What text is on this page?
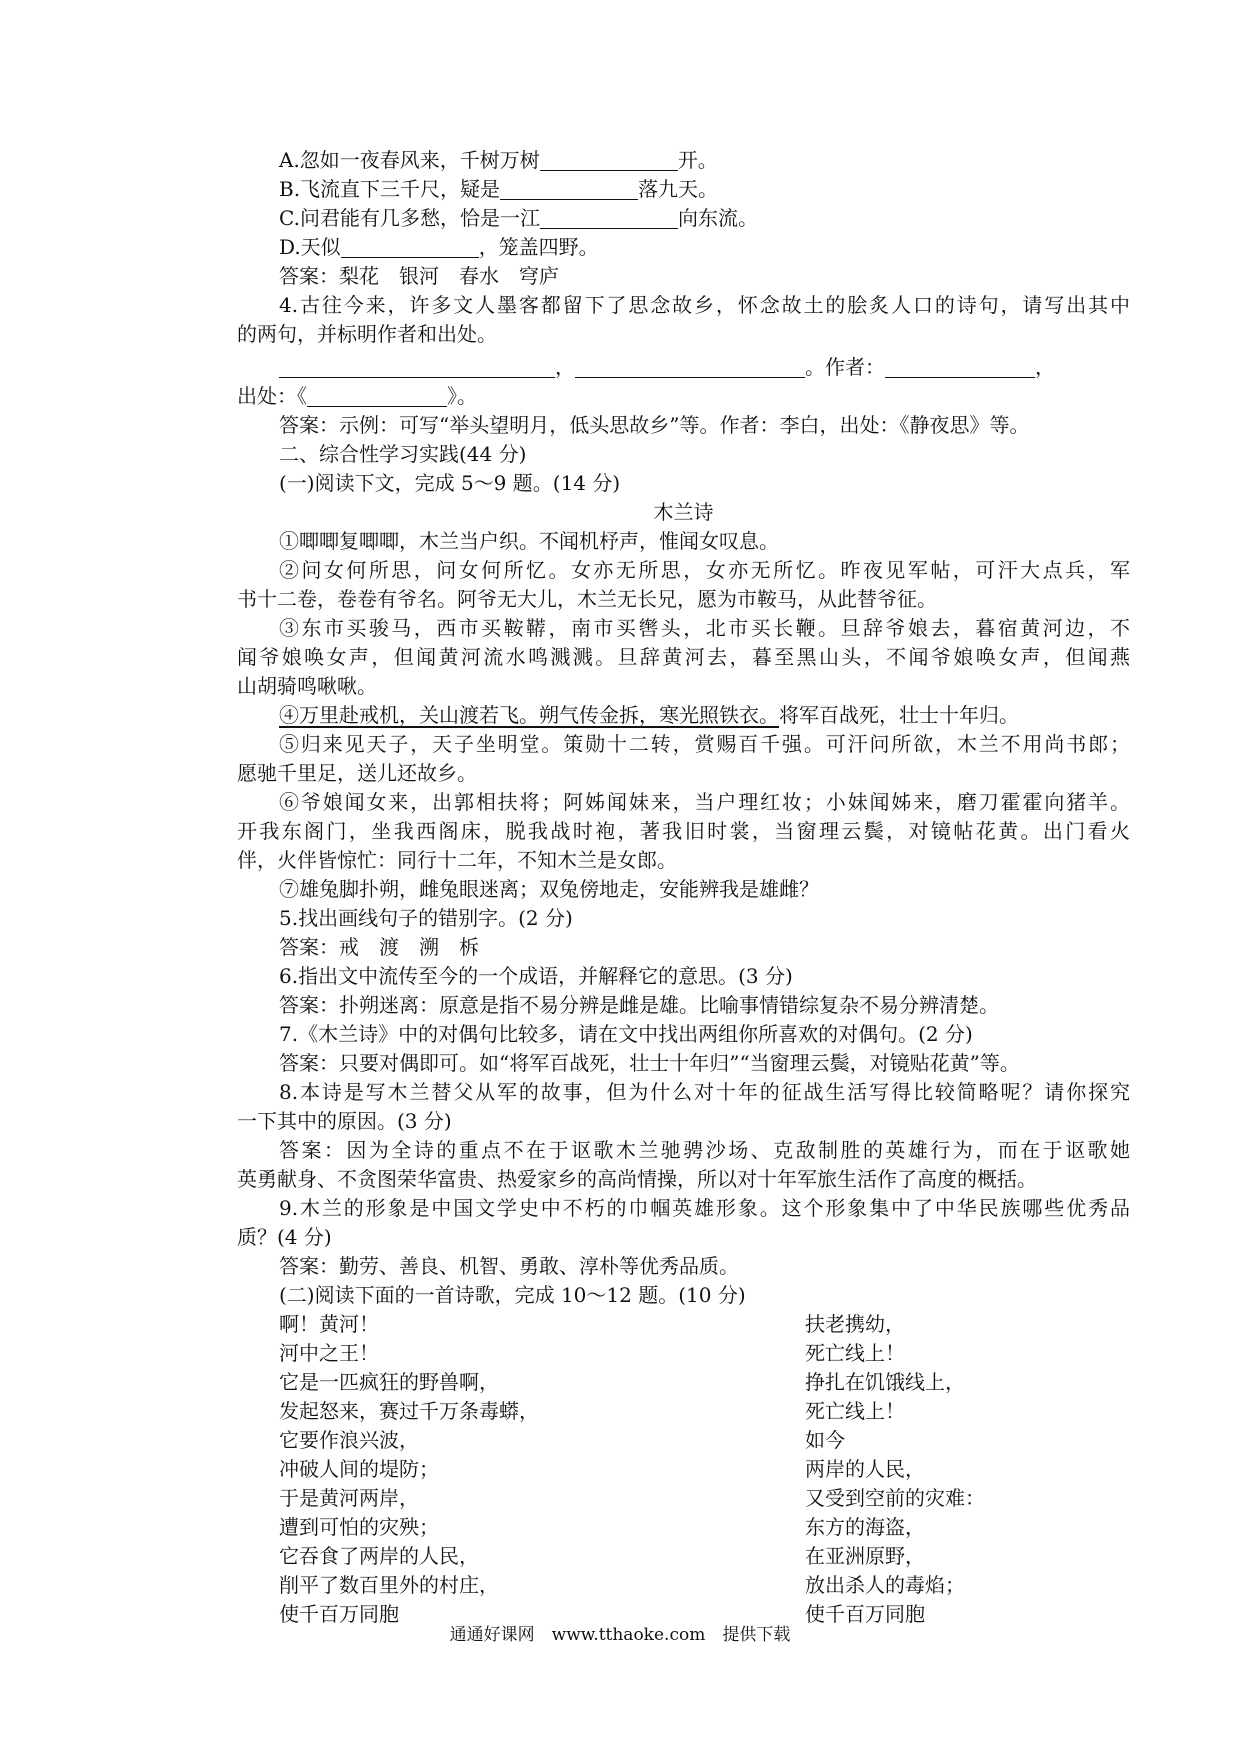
A.忽如一夜春风来，千树万树	开。
B.飞流直下三千尺，疑是	落九天。
C.问君能有几多愁，恰是一江	向东流。
D.天似	，笼盖四野。
答案：梨花　银河　春水　穹庐
4.古往今来，许多文人墨客都留下了思念故乡，怀念故土的脍炙人口的诗句，请写出其中
的两句，并标明作者和出处。
，	。作者：	，
出处：《	》。
答案：示例：可写“举头望明月，低头思故乡”等。作者：李白，出处：《静夜思》等。
二、综合性学习实践(44 分)
(一)阅读下文，完成 5～9 题。(14 分)
木兰诗
①唧唧复唧唧，木兰当户织。不闻机杼声，惟闻女叹息。
②问女何所思，问女何所忆。女亦无所思，女亦无所忆。昨夜见军帖，可汗大点兵，军
书十二卷，卷卷有爷名。阿爷无大儿，木兰无长兄，愿为市鞍马，从此替爷征。
③东市买骏马，西市买鞍鞯，南市买辔头，北市买长鞭。旦辞爷娘去，暮宿黄河边，不
闻爷娘唤女声，但闻黄河流水鸣溅溅。旦辞黄河去，暮至黑山头，不闻爷娘唤女声，但闻燕
山胡骑鸣啾啾。
④万里赴戒机，关山渡若飞。朔气传金拆，寒光照铁衣。将军百战死，壮士十年归。
⑤归来见天子，天子坐明堂。策勋十二转，赏赐百千强。可汗问所欲，木兰不用尚书郎；
愿驰千里足，送儿还故乡。
⑥爷娘闻女来，出郭相扶将；阿姊闻妹来，当户理红妆；小妹闻姊来，磨刀霍霍向猪羊。
开我东阁门，坐我西阁床，脱我战时袍，著我旧时裳，当窗理云鬓，对镜帖花黄。出门看火
伴，火伴皆惊忙：同行十二年，不知木兰是女郎。
⑦雄兔脚扑朔，雌兔眼迷离；双兔傍地走，安能辨我是雄雌？
5.找出画线句子的错别字。(2 分)
答案：戒　渡　溯　柝
6.指出文中流传至今的一个成语，并解释它的意思。(3 分)
答案：扑朔迷离：原意是指不易分辨是雌是雄。比喻事情错综复杂不易分辨清楚。
7.《木兰诗》中的对偶句比较多，请在文中找出两组你所喜欢的对偶句。(2 分)
答案：只要对偶即可。如“将军百战死，壮士十年归”“当窗理云鬓，对镜贴花黄”等。
8.本诗是写木兰替父从军的故事，但为什么对十年的征战生活写得比较简略呢？请你探究
一下其中的原因。(3 分)
答案：因为全诗的重点不在于讴歌木兰驰骋沙场、克敌制胜的英雄行为，而在于讴歌她
英勇献身、不贪图荣华富贵、热爱家乡的高尚情操，所以对十年军旅生活作了高度的概括。
9.木兰的形象是中国文学史中不朽的巾帼英雄形象。这个形象集中了中华民族哪些优秀品
质？(4 分)
答案：勤劳、善良、机智、勇敢、淳朴等优秀品质。
(二)阅读下面的一首诗歌，完成 10～12 题。(10 分)
啊！黄河！
河中之王！
它是一匹疯狂的野兽啊，
发起怒来，赛过千万条毒蟒，
它要作浪兴波，
冲破人间的堤防；
于是黄河两岸，
遭到可怕的灾殃；
它吞食了两岸的人民，
削平了数百里外的村庄，
使千百万同胞
扶老携幼，
死亡线上！
挣扎在饥饿线上，
死亡线上！
如今
两岸的人民，
又受到空前的灾难：
东方的海盗，
在亚洲原野，
放出杀人的毒焰；
使千百万同胞
通通好课网　www.tthaoke.com　提供下载
